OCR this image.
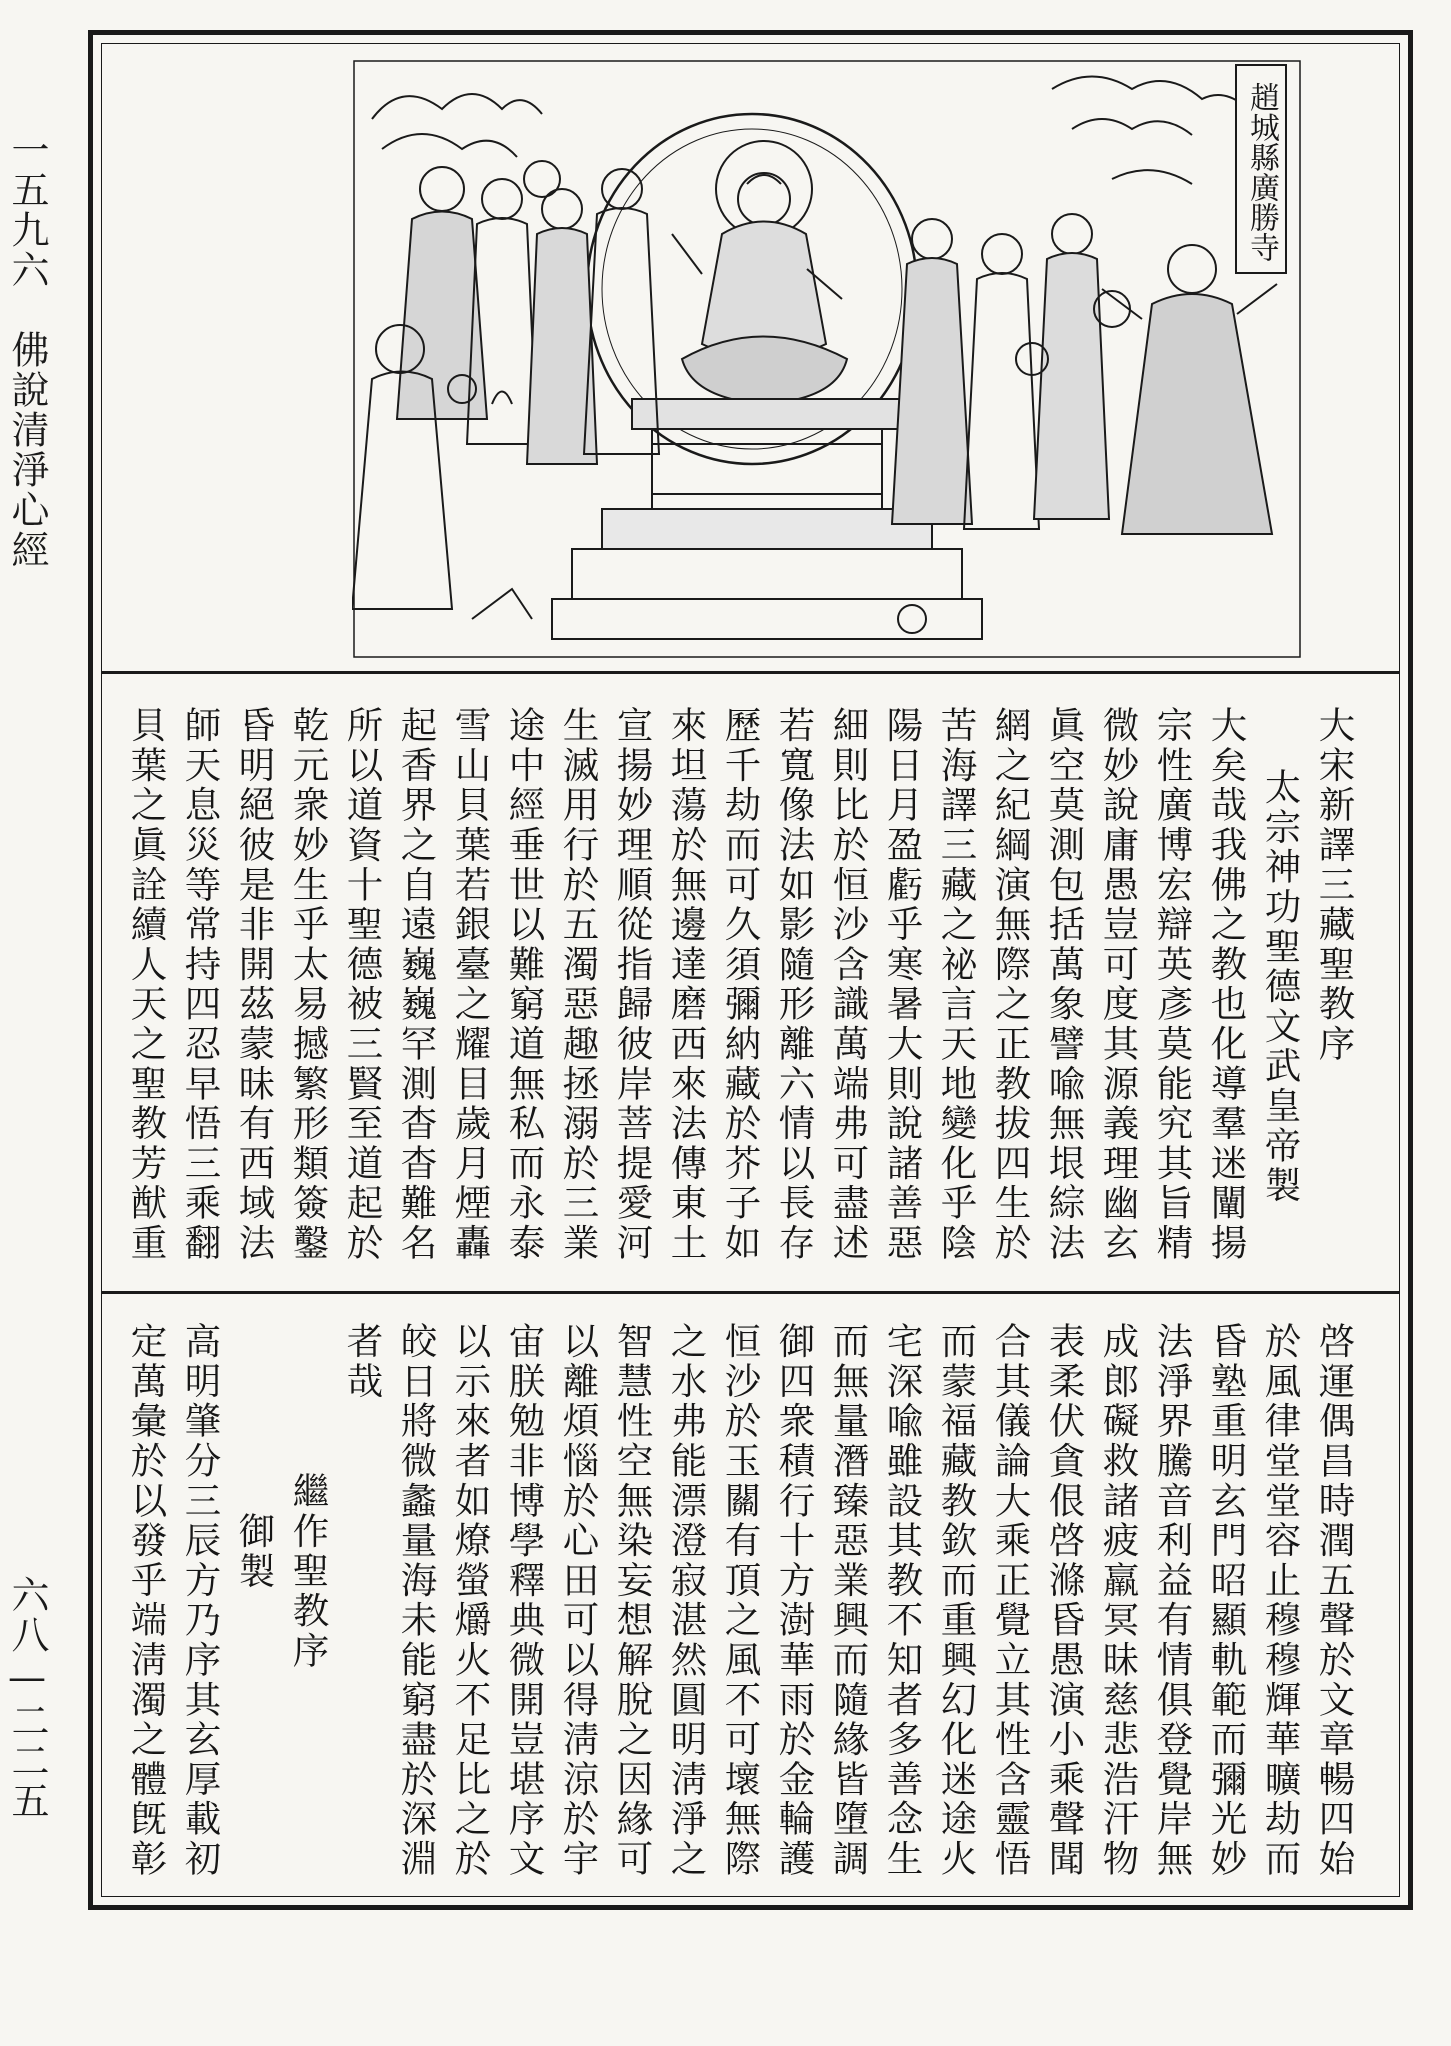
一五九六　佛說清淨心經
六八—二二五
趙城縣廣勝寺
大宋新譯三藏聖教序
太宗神功聖德文武皇帝製
大矣哉我佛之教也化導羣迷闡揚
宗性廣博宏辯英彥莫能究其旨精
微妙說庸愚豈可度其源義理幽玄
眞空莫測包括萬象譬喩無垠綜法
網之紀綱演無際之正教拔四生於
苦海譯三藏之祕言天地變化乎陰
陽日月盈虧乎寒暑大則說諸善惡
細則比於恒沙含識萬端弗可盡述
若寬像法如影隨形離六情以長存
歷千劫而可久須彌納藏於芥子如
來坦蕩於無邊達磨西來法傳東土
宣揚妙理順從指歸彼岸菩提愛河
生滅用行於五濁惡趣拯溺於三業
途中經垂世以難窮道無私而永泰
雪山貝葉若銀臺之耀目歲月煙轟
起香界之自遠巍巍罕測杳杳難名
所以道資十聖德被三賢至道起於
乾元衆妙生乎太易撼繁形類簽鑿
昏明絕彼是非開茲蒙昧有西域法
師天息災等常持四忍早悟三乘翻
貝葉之眞詮續人天之聖教芳猷重
啓運偶昌時潤五聲於文章暢四始
於風律堂堂容止穆穆輝華曠劫而
昏塾重明玄門昭顯軌範而彌光妙
法淨界騰音利益有情俱登覺岸無
成郎礙救諸疲羸冥昧慈悲浩汗物
表柔伏貪佷啓滌昏愚演小乘聲聞
合其儀論大乘正覺立其性含靈悟
而蒙福藏教欽而重興幻化迷途火
宅深喩雖設其教不知者多善念生
而無量潛臻惡業興而隨緣皆墮調
御四衆積行十方澍華雨於金輪護
恒沙於玉關有頂之風不可壞無際
之水弗能漂澄寂湛然圓明淸淨之
智慧性空無染妄想解脫之因緣可
以離煩惱於心田可以得淸涼於宇
宙朕勉非博學釋典微開豈堪序文
以示來者如燎螢爝火不足比之於
皎日將微蠡量海未能窮盡於深淵
者哉
繼作聖教序
御製
高明肇分三辰方乃序其玄厚載初
定萬彙於以發乎端淸濁之體旣彰
